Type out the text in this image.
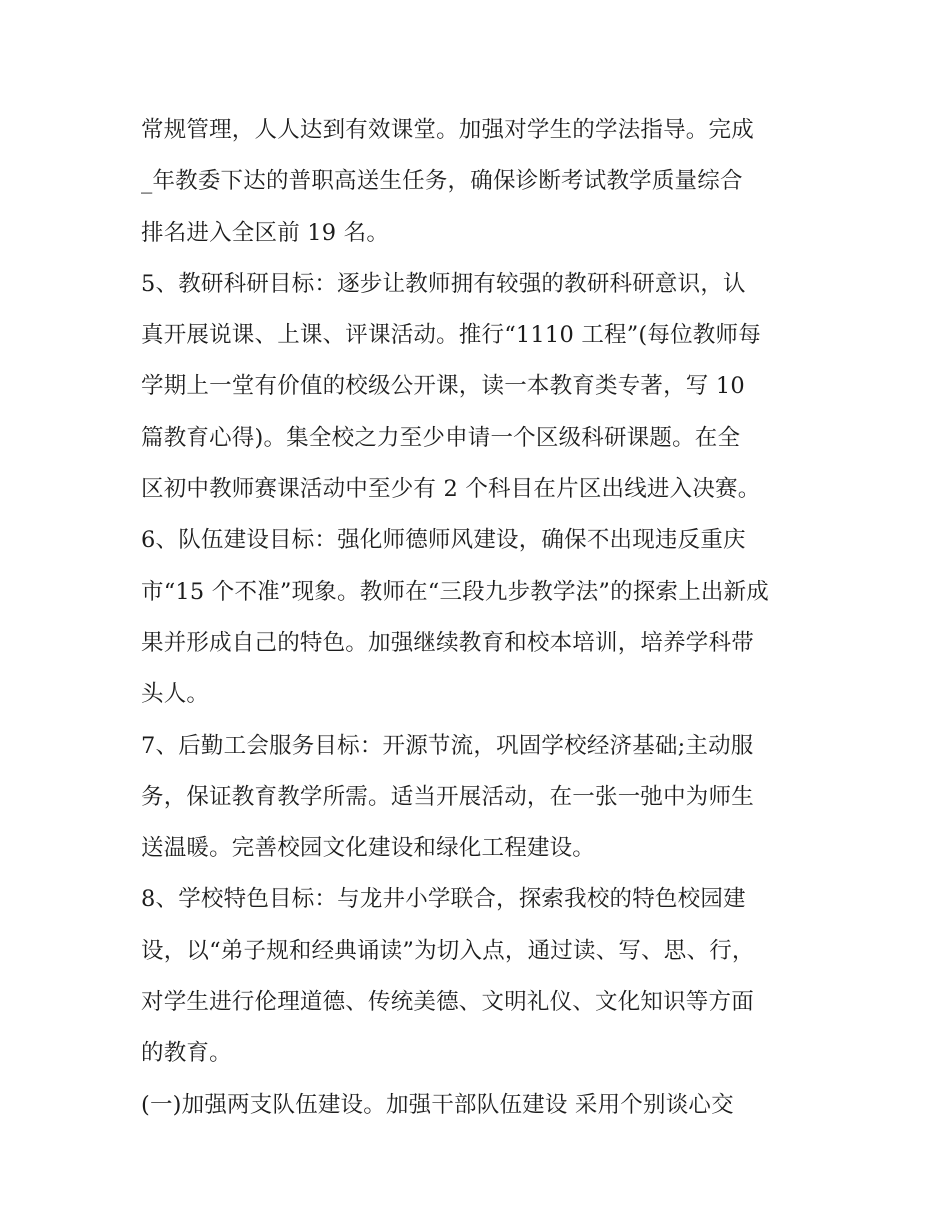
常规管理，人人达到有效课堂。加强对学生的学法指导。完成
_年教委下达的普职高送生任务，确保诊断考试教学质量综合
排名进入全区前 19 名。
5、教研科研目标：逐步让教师拥有较强的教研科研意识，认
真开展说课、上课、评课活动。推行“1110 工程”(每位教师每
学期上一堂有价值的校级公开课，读一本教育类专著，写 10
篇教育心得)。集全校之力至少申请一个区级科研课题。在全
区初中教师赛课活动中至少有 2 个科目在片区出线进入决赛。
6、队伍建设目标：强化师德师风建设，确保不出现违反重庆
市“15 个不准”现象。教师在“三段九步教学法”的探索上出新成
果并形成自己的特色。加强继续教育和校本培训，培养学科带
头人。
7、后勤工会服务目标：开源节流，巩固学校经济基础;主动服
务，保证教育教学所需。适当开展活动，在一张一弛中为师生
送温暖。完善校园文化建设和绿化工程建设。
8、学校特色目标：与龙井小学联合，探索我校的特色校园建
设，以“弟子规和经典诵读”为切入点，通过读、写、思、行，
对学生进行伦理道德、传统美德、文明礼仪、文化知识等方面
的教育。
(一)加强两支队伍建设。加强干部队伍建设 采用个别谈心交
